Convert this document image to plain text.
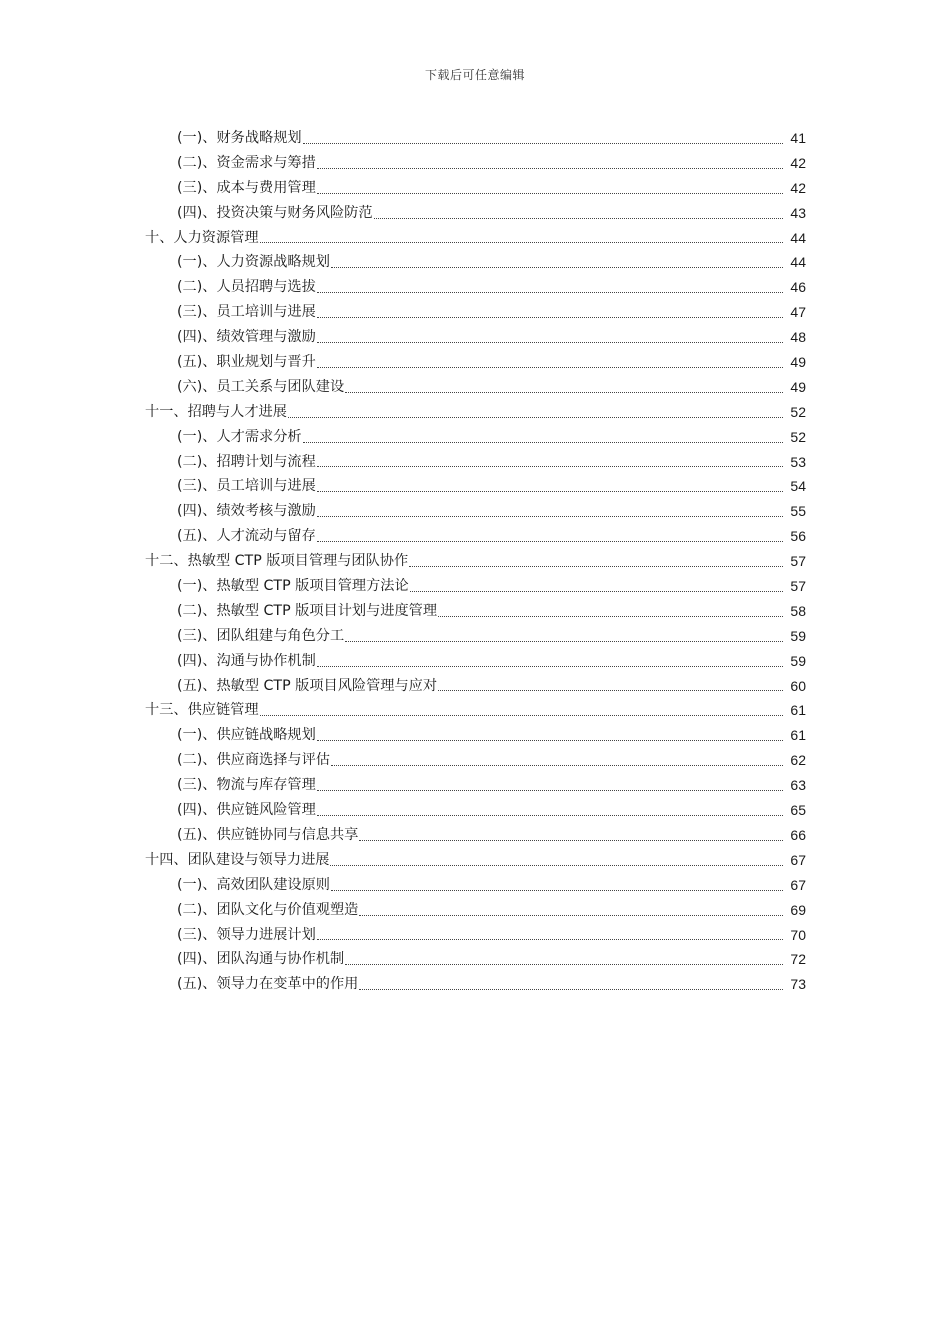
下载后可任意编辑
(一)、财务战略规划	41
(二)、资金需求与筹措	42
(三)、成本与费用管理	42
(四)、投资决策与财务风险防范	43
十、人力资源管理	44
(一)、人力资源战略规划	44
(二)、人员招聘与选拔	46
(三)、员工培训与进展	47
(四)、绩效管理与激励	48
(五)、职业规划与晋升	49
(六)、员工关系与团队建设	49
十一、招聘与人才进展	52
(一)、人才需求分析	52
(二)、招聘计划与流程	53
(三)、员工培训与进展	54
(四)、绩效考核与激励	55
(五)、人才流动与留存	56
十二、热敏型 CTP 版项目管理与团队协作	57
(一)、热敏型 CTP 版项目管理方法论	57
(二)、热敏型 CTP 版项目计划与进度管理	58
(三)、团队组建与角色分工	59
(四)、沟通与协作机制	59
(五)、热敏型 CTP 版项目风险管理与应对	60
十三、供应链管理	61
(一)、供应链战略规划	61
(二)、供应商选择与评估	62
(三)、物流与库存管理	63
(四)、供应链风险管理	65
(五)、供应链协同与信息共享	66
十四、团队建设与领导力进展	67
(一)、高效团队建设原则	67
(二)、团队文化与价值观塑造	69
(三)、领导力进展计划	70
(四)、团队沟通与协作机制	72
(五)、领导力在变革中的作用	73
